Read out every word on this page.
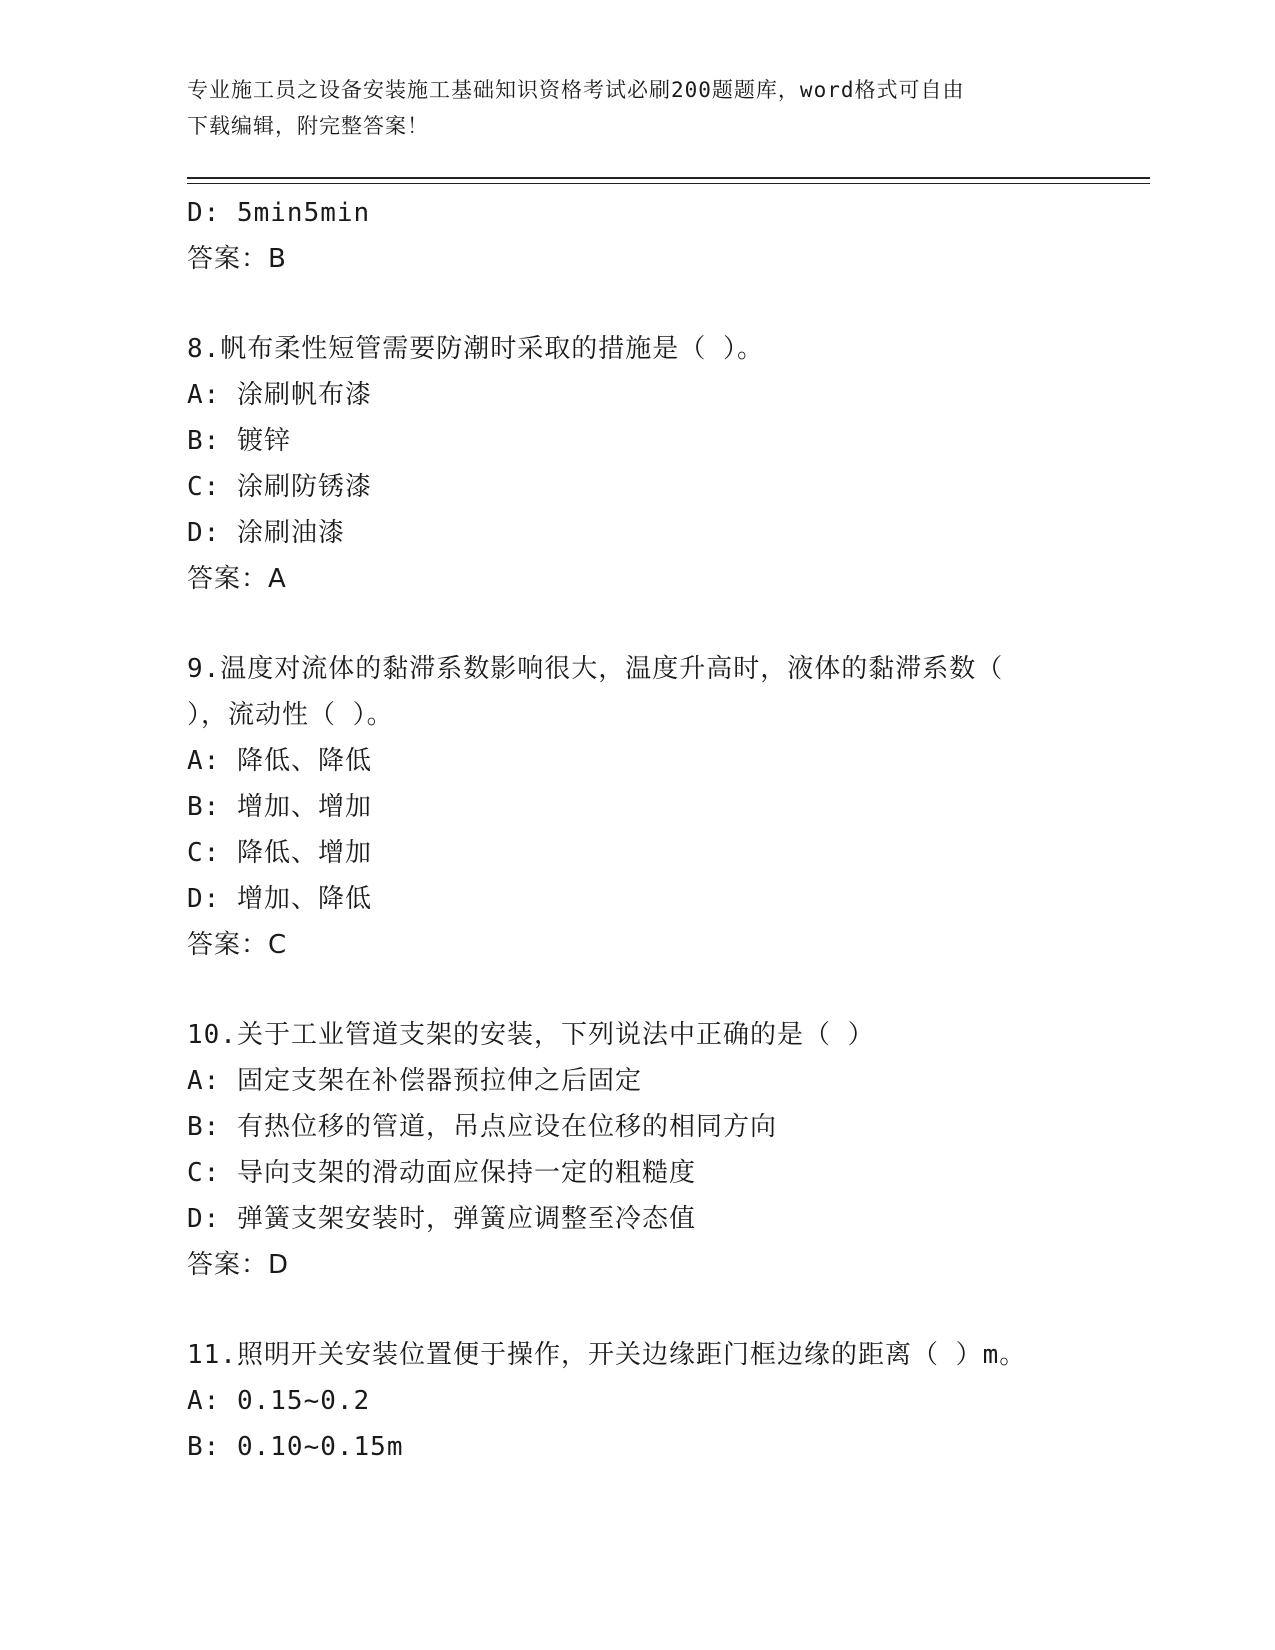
专业施工员之设备安装施工基础知识资格考试必刷200题题库，word格式可自由
下载编辑，附完整答案！
D: 5min5min
答案：B
8.帆布柔性短管需要防潮时采取的措施是（ ）。
A: 涂刷帆布漆
B: 镀锌
C: 涂刷防锈漆
D: 涂刷油漆
答案：A
9.温度对流体的黏滞系数影响很大，温度升高时，液体的黏滞系数（
），流动性（ ）。
A: 降低、降低
B: 增加、增加
C: 降低、增加
D: 增加、降低
答案：C
10.关于工业管道支架的安装，下列说法中正确的是（ ）
A: 固定支架在补偿器预拉伸之后固定
B: 有热位移的管道，吊点应设在位移的相同方向
C: 导向支架的滑动面应保持一定的粗糙度
D: 弹簧支架安装时，弹簧应调整至冷态值
答案：D
11.照明开关安装位置便于操作，开关边缘距门框边缘的距离（ ）m。
A: 0.15~0.2
B: 0.10~0.15m
